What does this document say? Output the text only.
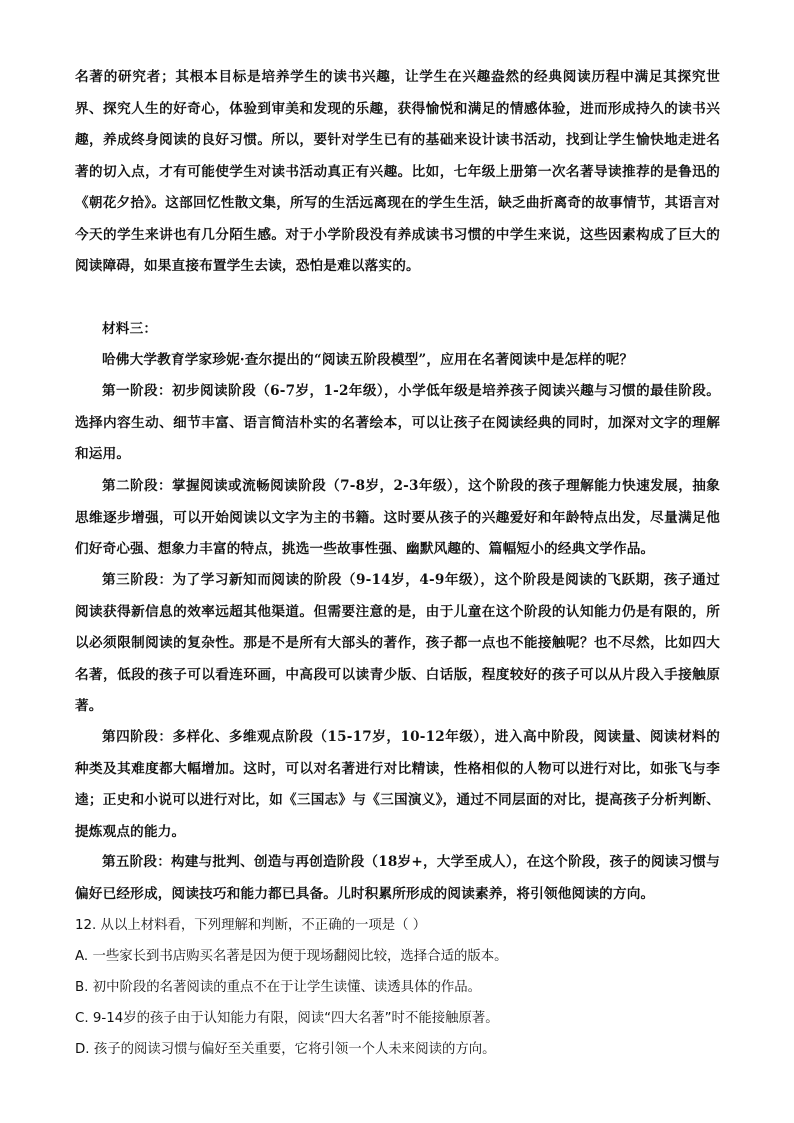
名著的研究者；其根本目标是培养学生的读书兴趣，让学生在兴趣盎然的经典阅读历程中满足其探究世界、探究人生的好奇心，体验到审美和发现的乐趣，获得愉悦和满足的情感体验，进而形成持久的读书兴趣，养成终身阅读的良好习惯。所以，要针对学生已有的基础来设计读书活动，找到让学生愉快地走进名著的切入点，才有可能使学生对读书活动真正有兴趣。比如，七年级上册第一次名著导读推荐的是鲁迅的《朝花夕拾》。这部回忆性散文集，所写的生活远离现在的学生生活，缺乏曲折离奇的故事情节，其语言对今天的学生来讲也有几分陌生感。对于小学阶段没有养成读书习惯的中学生来说，这些因素构成了巨大的阅读障碍，如果直接布置学生去读，恐怕是难以落实的。

材料三：

哈佛大学教育学家珍妮·查尔提出的“阅读五阶段模型”，应用在名著阅读中是怎样的呢？

第一阶段：初步阅读阶段（6-7岁，1-2年级），小学低年级是培养孩子阅读兴趣与习惯的最佳阶段。选择内容生动、细节丰富、语言简洁朴实的名著绘本，可以让孩子在阅读经典的同时，加深对文字的理解和运用。

第二阶段：掌握阅读或流畅阅读阶段（7-8岁，2-3年级），这个阶段的孩子理解能力快速发展，抽象思维逐步增强，可以开始阅读以文字为主的书籍。这时要从孩子的兴趣爱好和年龄特点出发，尽量满足他们好奇心强、想象力丰富的特点，挑选一些故事性强、幽默风趣的、篇幅短小的经典文学作品。

第三阶段：为了学习新知而阅读的阶段（9-14岁，4-9年级），这个阶段是阅读的飞跃期，孩子通过阅读获得新信息的效率远超其他渠道。但需要注意的是，由于儿童在这个阶段的认知能力仍是有限的，所以必须限制阅读的复杂性。那是不是所有大部头的著作，孩子都一点也不能接触呢？也不尽然，比如四大名著，低段的孩子可以看连环画，中高段可以读青少版、白话版，程度较好的孩子可以从片段入手接触原著。

第四阶段：多样化、多维观点阶段（15-17岁，10-12年级），进入高中阶段，阅读量、阅读材料的种类及其难度都大幅增加。这时，可以对名著进行对比精读，性格相似的人物可以进行对比，如张飞与李逵；正史和小说可以进行对比，如《三国志》与《三国演义》，通过不同层面的对比，提高孩子分析判断、提炼观点的能力。

第五阶段：构建与批判、创造与再创造阶段（18岁+，大学至成人），在这个阶段，孩子的阅读习惯与偏好已经形成，阅读技巧和能力都已具备。儿时积累所形成的阅读素养，将引领他阅读的方向。

12. 从以上材料看，下列理解和判断，不正确的一项是（ ）

A. 一些家长到书店购买名著是因为便于现场翻阅比较，选择合适的版本。

B. 初中阶段的名著阅读的重点不在于让学生读懂、读透具体的作品。

C. 9-14岁的孩子由于认知能力有限，阅读“四大名著”时不能接触原著。

D. 孩子的阅读习惯与偏好至关重要，它将引领一个人未来阅读的方向。
